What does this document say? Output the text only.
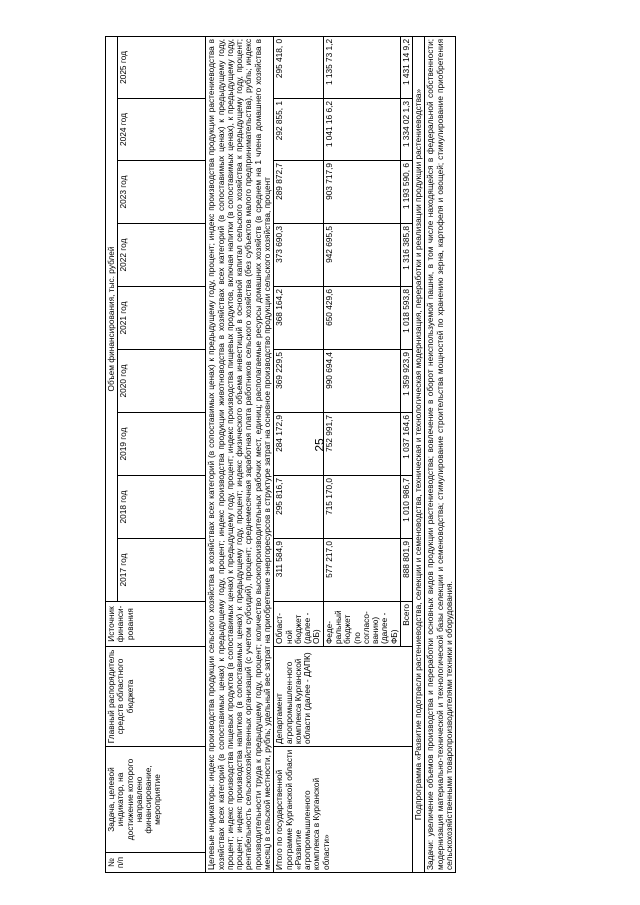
25
№ п/п	Задача, целевой индикатор, на достижение которого направлено финансирование, мероприятие	Главный распорядитель средств областного бюджета	Источник финанси-рования	Объем финансирования, тыс. рублей								
				2017 год	2018 год	2019 год	2020 год	2021 год	2022 год	2023 год	2024 год	2025 год
Целевые индикаторы: индекс производства продукции сельского хозяйства в хозяйствах всех категорий (в сопоставимых ценах) к предыдущему году, процент; индекс производства продукции растениеводства в хозяйствах всех категорий (в сопоставимых ценах) к предыдущему году, процент; индекс производства продукции животноводства в хозяйствах всех категорий (в сопоставимых ценах) к предыдущему году, процент; индекс производства пищевых продуктов (в сопоставимых ценах) к предыдущему году, процент; индекс производства пищевых продуктов, включая напитки (в сопоставимых ценах), к предыдущему году, процент; индекс производства напитков (в сопоставимых ценах) к предыдущему году, процент; индекс физического объема инвестиций в основной капитал сельского хозяйства к предыдущему году, процент; рентабельность сельскохозяйственных организаций (с учетом субсидий), процент; среднемесячная заработная плата работников сельского хозяйства (без субъектов малого предпринимательства), рубль; индекс производительности труда к предыдущему году, процент; количество высокопроизводительных рабочих мест, единиц; располагаемые ресурсы домашних хозяйств (в среднем на 1 члена домашнего хозяйства в месяц) в сельской местности, рубль; удельный вес затрат на приобретение энергоресурсов в структуре затрат на основное производство продукции сельского хозяйства, процент												
Итого по государственной программе Курганской области «Развитие агропромышленного комплекса в Курганской области»		Департамент агропромышлен-ного комплекса Курганской области (далее - ДАПК)	Област-ной бюджет (далее - ОБ)	311 584,9	295 816,7	284 172,9	369 229,5	368 164,2	373 690,3	289 872,7	292 855, 1	295 418, 0
			Феде-ральный бюджет (по согласо-ванию) (далее - ФБ)	577 217,0	715 170,0	752 991,7	990 694,4	650 429,6	942 695,5	903 717,9	1 041 16 6,2	1 135 73 1,2
			Всего	888 801,9	1 010 986,7	1 037 164,6	1 359 923,9	1 018 593,8	1 316 385,8	1 193 590, 6	1 334 02 1,3	1 431 14 9,2
Подпрограмма «Развитие подотрасли растениеводства, селекции и семеноводства, техническая и технологическая модернизация, переработки и реализации продукции растениеводства»												
Задачи: увеличение объемов производства и переработки основных видов продукции растениеводства; вовлечение в оборот неиспользуемой пашни, в том числе находящейся в федеральной собственности; модернизация материально-технической и технологической базы селекции и семеноводства; стимулирование строительства мощностей по хранению зерна, картофеля и овощей; стимулирование приобретения сельскохозяйственными товаропроизводителями техники и оборудования.												
